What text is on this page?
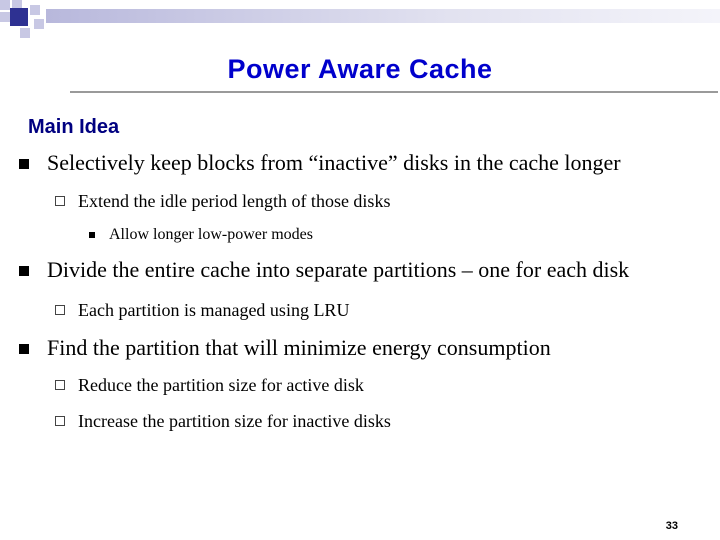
Power Aware Cache
Main Idea
Selectively keep blocks from “inactive” disks in the cache longer
Extend the idle period length of those disks
Allow longer low-power modes
Divide the entire cache into separate partitions – one for each disk
Each partition is managed using LRU
Find the partition that will minimize energy consumption
Reduce the partition size for active disk
Increase the partition size for inactive disks
33
